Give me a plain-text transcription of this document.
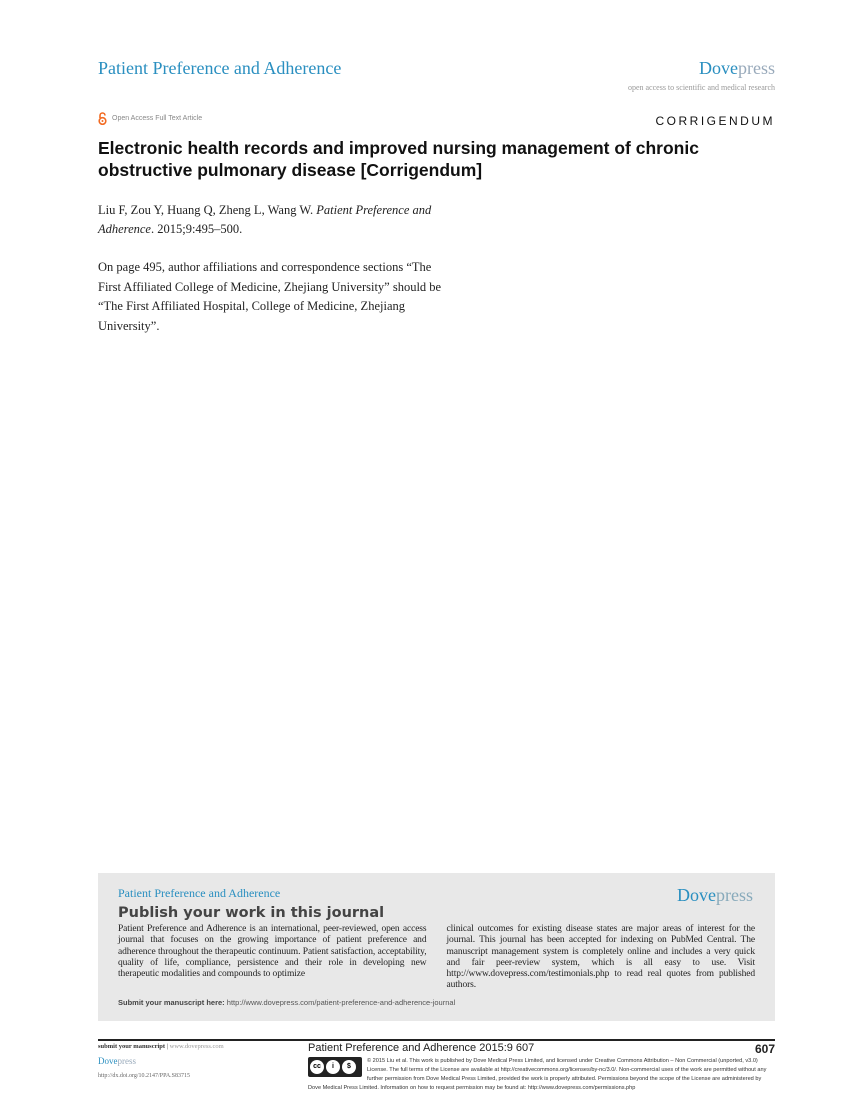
Patient Preference and Adherence	Dovepress
open access to scientific and medical research
Open Access Full Text Article	CORRIGENDUM
Electronic health records and improved nursing management of chronic obstructive pulmonary disease [Corrigendum]

Liu F, Zou Y, Huang Q, Zheng L, Wang W. Patient Preference and Adherence. 2015;9:495–500.

On page 495, author affiliations and correspondence sections “The First Affiliated College of Medicine, Zhejiang University” should be “The First Affiliated Hospital, College of Medicine, Zhejiang University”.

Patient Preference and Adherence	Dovepress
Publish your work in this journal

Patient Preference and Adherence is an international, peer-reviewed, open access journal that focuses on the growing importance of patient preference and adherence throughout the therapeutic continuum. Patient satisfaction, acceptability, quality of life, compliance, persistence and their role in developing new therapeutic modalities and compounds to optimize

clinical outcomes for existing disease states are major areas of interest for the journal. This journal has been accepted for indexing on PubMed Central. The manuscript management system is completely online and includes a very quick and fair peer-review system, which is all easy to use. Visit http://www.dovepress.com/testimonials.php to read real quotes from published authors.

Submit your manuscript here: http://www.dovepress.com/patient-preference-and-adherence-journal
submit your manuscript | www.dovepress.com
Dovepress
http://dx.doi.org/10.2147/PPA.S83715
Patient Preference and Adherence 2015:9 607	607
cc	i	$
© 2015 Liu et al. This work is published by Dove Medical Press Limited, and licensed under Creative Commons Attribution – Non Commercial (unported, v3.0) License. The full terms of the License are available at http://creativecommons.org/licenses/by-nc/3.0/. Non-commercial uses of the work are permitted without any further permission from Dove Medical Press Limited, provided the work is properly attributed. Permissions beyond the scope of the License are administered by Dove Medical Press Limited. Information on how to request permission may be found at: http://www.dovepress.com/permissions.php
